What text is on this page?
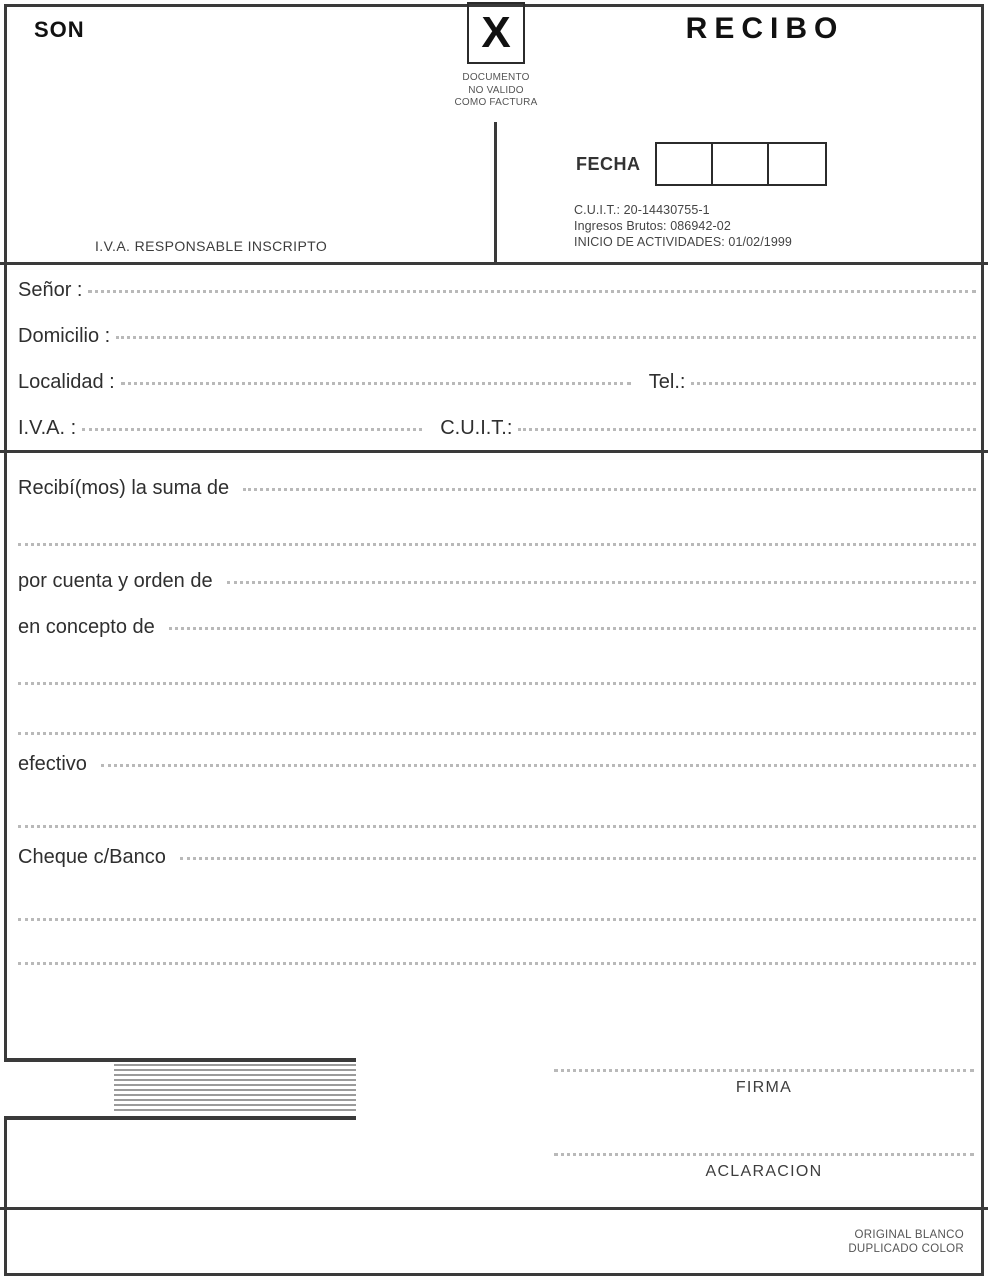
X
DOCUMENTO
NO VALIDO
COMO FACTURA
RECIBO
FECHA
C.U.I.T.: 20-14430755-1
Ingresos Brutos: 086942-02
INICIO DE ACTIVIDADES: 01/02/1999
I.V.A. RESPONSABLE INSCRIPTO
Señor :
Domicilio :
Localidad :	Tel.:
I.V.A. :	C.U.I.T.:
Recibí(mos) la suma de
por cuenta y orden de
en concepto de
efectivo
Cheque c/Banco
SON
FIRMA
ACLARACION
ORIGINAL BLANCO
DUPLICADO COLOR
